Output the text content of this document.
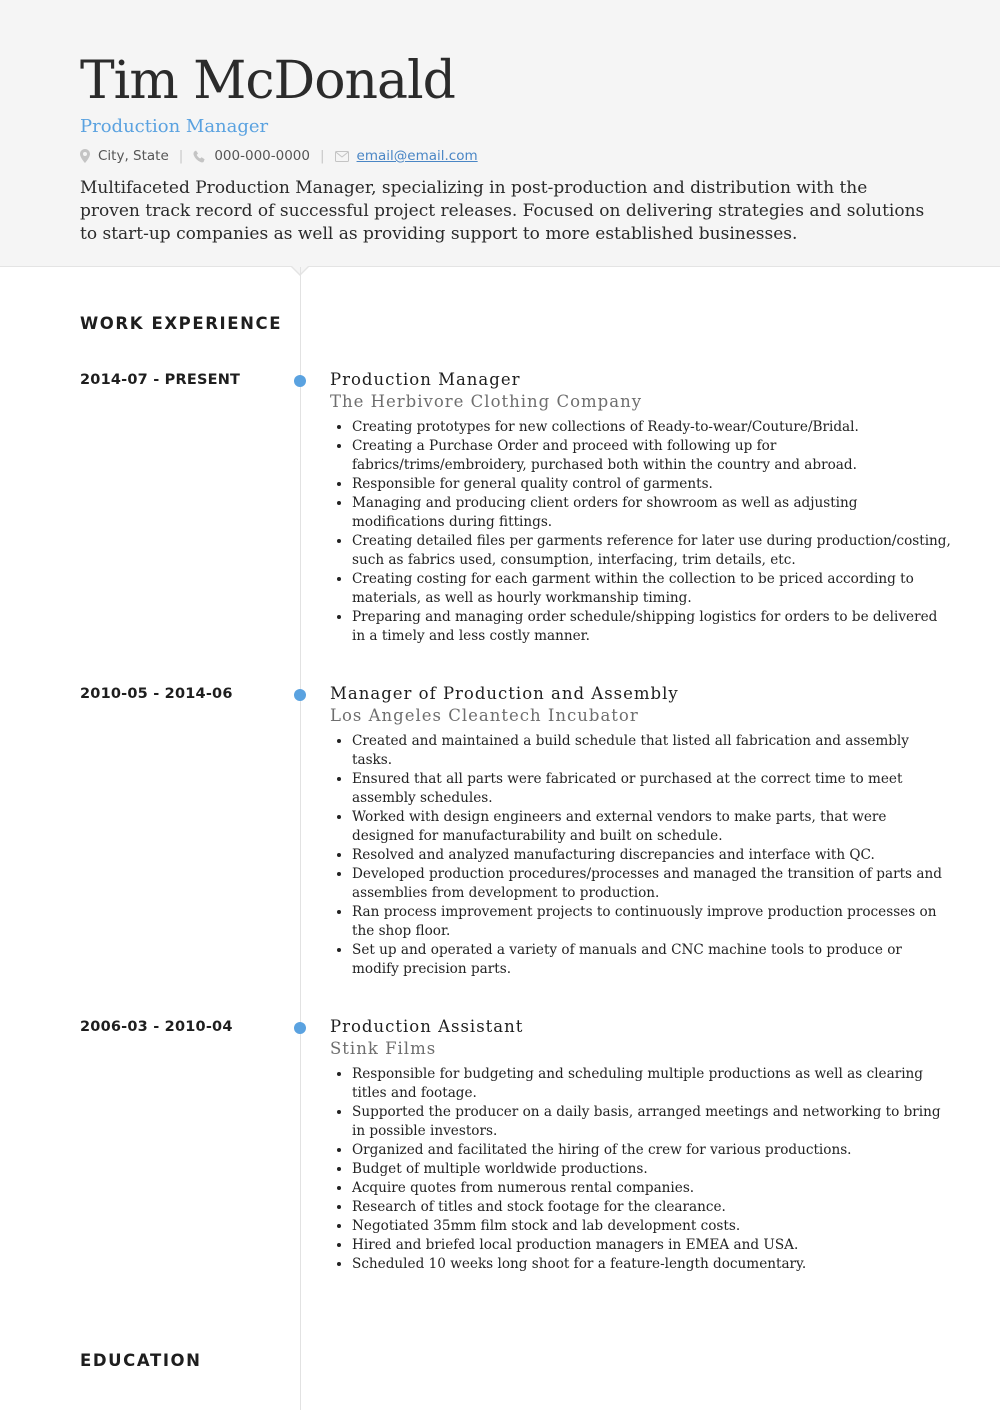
Tim McDonald
Production Manager
City, State | 000-000-0000 | email@email.com

Multifaceted Production Manager, specializing in post-production and distribution with the proven track record of successful project releases. Focused on delivering strategies and solutions to start-up companies as well as providing support to more established businesses.

WORK EXPERIENCE
2014-07 - PRESENT	Production Manager
The Herbivore Clothing Company
• Creating prototypes for new collections of Ready-to-wear/Couture/Bridal.
• Creating a Purchase Order and proceed with following up for fabrics/trims/embroidery, purchased both within the country and abroad.
• Responsible for general quality control of garments.
• Managing and producing client orders for showroom as well as adjusting modifications during fittings.
• Creating detailed files per garments reference for later use during production/costing, such as fabrics used, consumption, interfacing, trim details, etc.
• Creating costing for each garment within the collection to be priced according to materials, as well as hourly workmanship timing.
• Preparing and managing order schedule/shipping logistics for orders to be delivered in a timely and less costly manner.
2010-05 - 2014-06	Manager of Production and Assembly
Los Angeles Cleantech Incubator
• Created and maintained a build schedule that listed all fabrication and assembly tasks.
• Ensured that all parts were fabricated or purchased at the correct time to meet assembly schedules.
• Worked with design engineers and external vendors to make parts, that were designed for manufacturability and built on schedule.
• Resolved and analyzed manufacturing discrepancies and interface with QC.
• Developed production procedures/processes and managed the transition of parts and assemblies from development to production.
• Ran process improvement projects to continuously improve production processes on the shop floor.
• Set up and operated a variety of manuals and CNC machine tools to produce or modify precision parts.
2006-03 - 2010-04	Production Assistant
Stink Films
• Responsible for budgeting and scheduling multiple productions as well as clearing titles and footage.
• Supported the producer on a daily basis, arranged meetings and networking to bring in possible investors.
• Organized and facilitated the hiring of the crew for various productions.
• Budget of multiple worldwide productions.
• Acquire quotes from numerous rental companies.
• Research of titles and stock footage for the clearance.
• Negotiated 35mm film stock and lab development costs.
• Hired and briefed local production managers in EMEA and USA.
• Scheduled 10 weeks long shoot for a feature-length documentary.
EDUCATION
